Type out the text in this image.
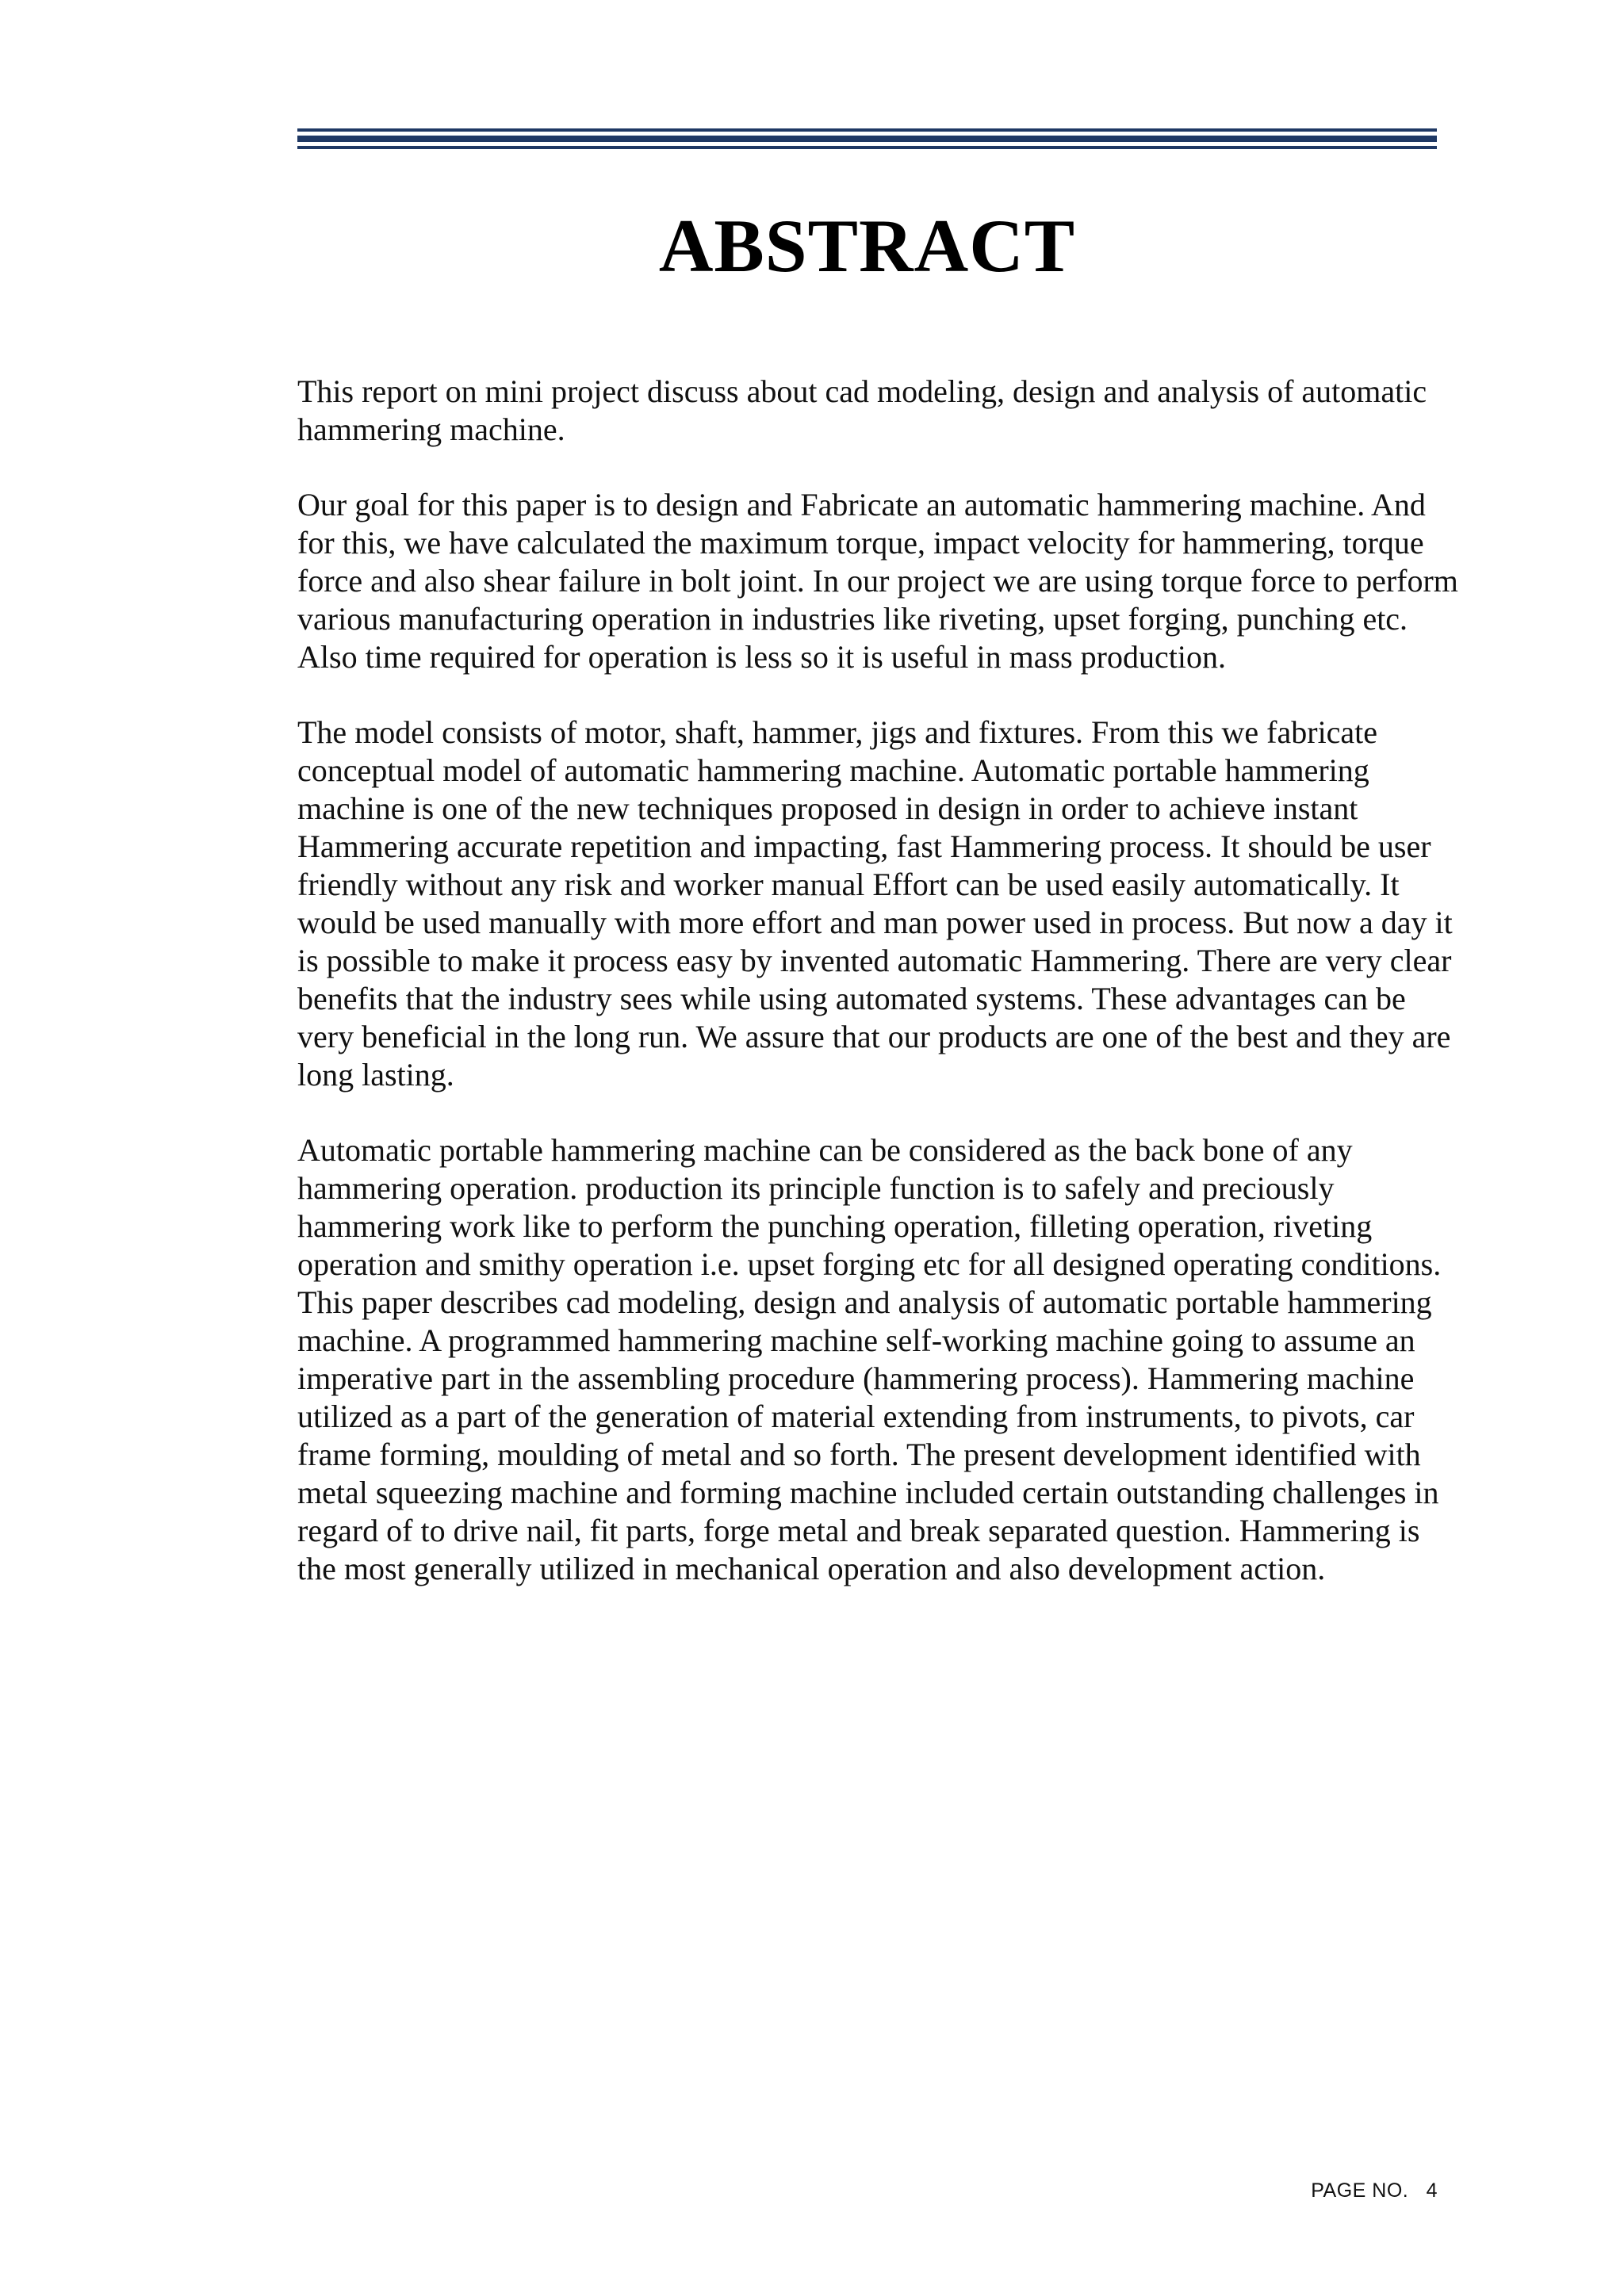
ABSTRACT

This report on mini project discuss about cad modeling, design and analysis of automatic hammering machine.

Our goal for this paper is to design and Fabricate an automatic hammering machine. And for this, we have calculated the maximum torque, impact velocity for hammering, torque force and also shear failure in bolt joint. In our project we are using torque force to perform various manufacturing operation in industries like riveting, upset forging, punching etc. Also time required for operation is less so it is useful in mass production.

The model consists of motor, shaft, hammer, jigs and fixtures. From this we fabricate conceptual model of automatic hammering machine. Automatic portable hammering machine is one of the new techniques proposed in design in order to achieve instant Hammering accurate repetition and impacting, fast Hammering process. It should be user friendly without any risk and worker manual Effort can be used easily automatically. It would be used manually with more effort and man power used in process. But now a day it is possible to make it process easy by invented automatic Hammering. There are very clear benefits that the industry sees while using automated systems. These advantages can be very beneficial in the long run. We assure that our products are one of the best and they are long lasting.

Automatic portable hammering machine can be considered as the back bone of any hammering operation. production its principle function is to safely and preciously hammering work like to perform the punching operation, filleting operation, riveting operation and smithy operation i.e. upset forging etc for all designed operating conditions. This paper describes cad modeling, design and analysis of automatic portable hammering machine. A programmed hammering machine self-working machine going to assume an imperative part in the assembling procedure (hammering process). Hammering machine utilized as a part of the generation of material extending from instruments, to pivots, car frame forming, moulding of metal and so forth. The present development identified with metal squeezing machine and forming machine included certain outstanding challenges in regard of to drive nail, fit parts, forge metal and break separated question. Hammering is the most generally utilized in mechanical operation and also development action.

PAGE NO. 4
